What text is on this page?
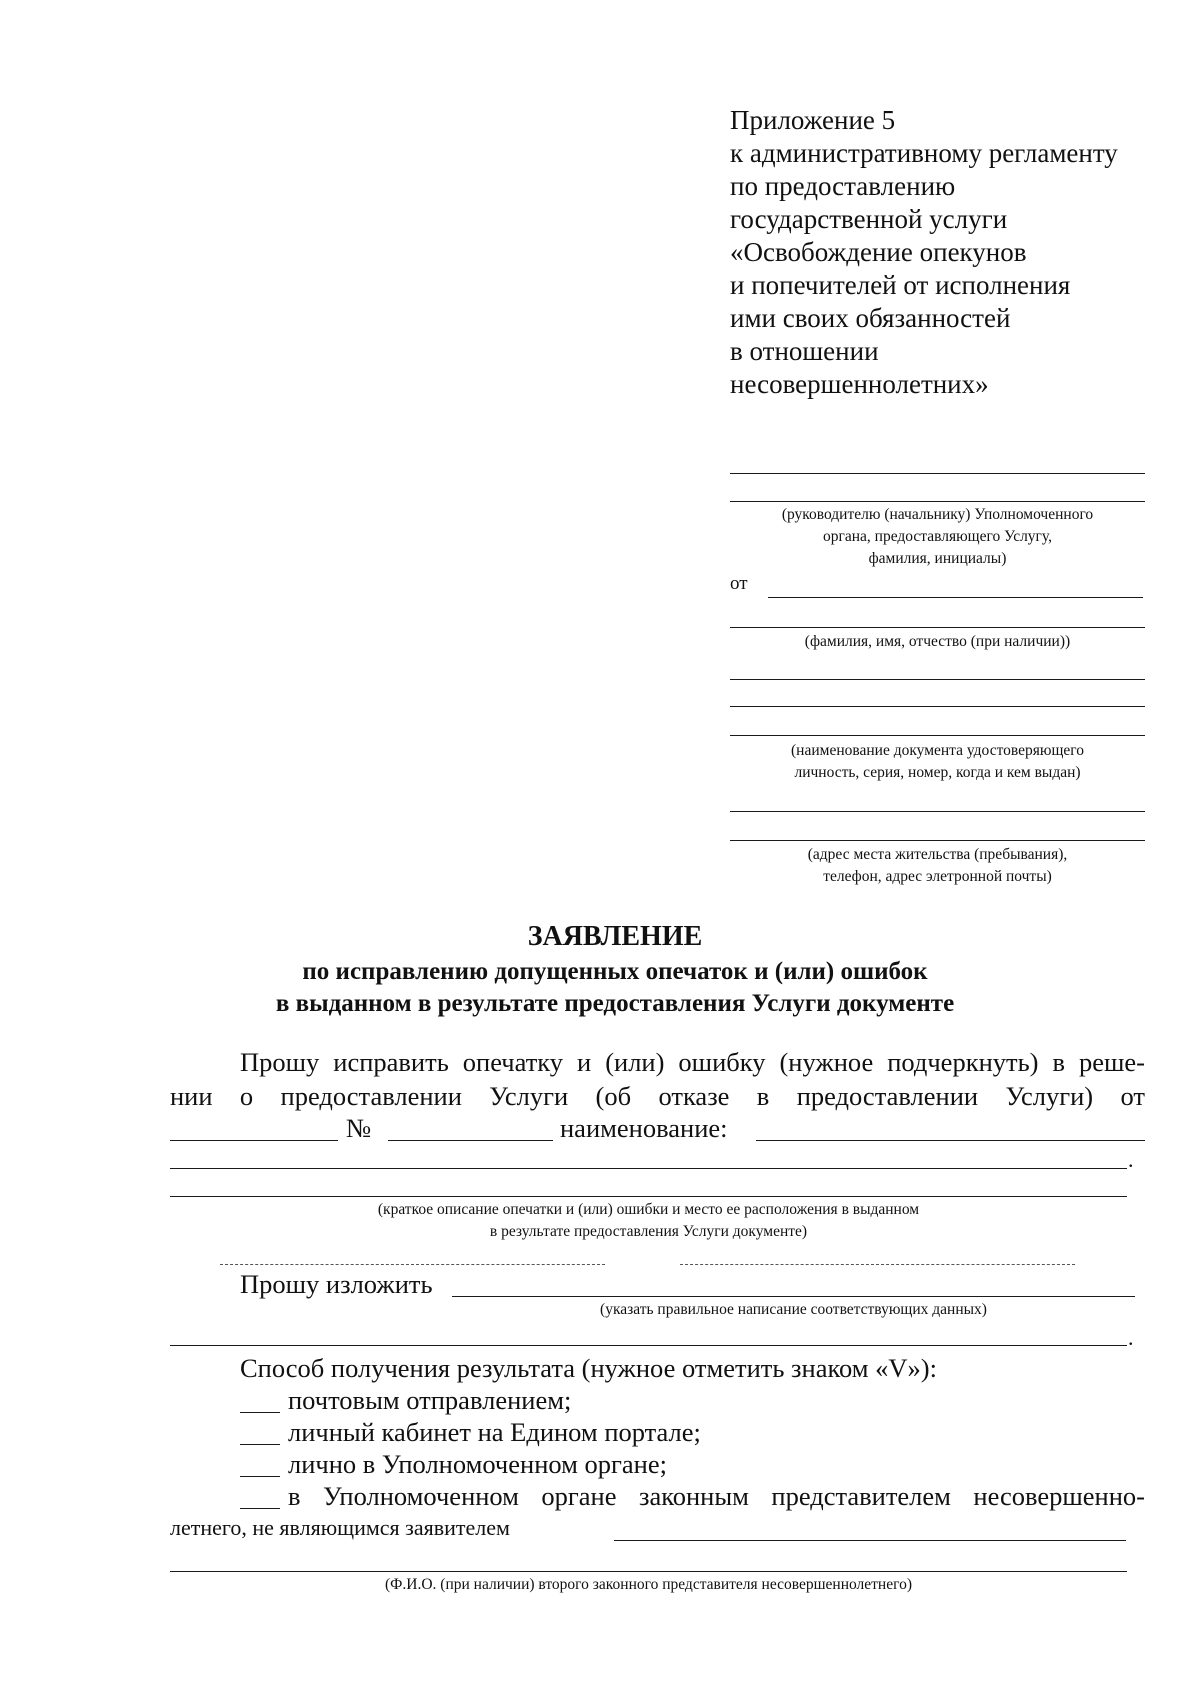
Приложение 5
к административному регламенту
по предоставлению
государственной услуги
«Освобождение опекунов
и попечителей от исполнения
ими своих обязанностей
в отношении
несовершеннолетних»
(руководителю (начальнику) Уполномоченного
органа, предоставляющего Услугу,
фамилия, инициалы)
от
(фамилия, имя, отчество (при наличии))
(наименование документа удостоверяющего
личность, серия, номер, когда и кем выдан)
(адрес места жительства (пребывания),
телефон, адрес элетронной почты)
ЗАЯВЛЕНИЕ
по исправлению допущенных опечаток и (или) ошибок
в выданном в результате предоставления Услуги документе
Прошу исправить опечатку и (или) ошибку (нужное подчеркнуть) в реше-
нии о предоставлении Услуги (об отказе в предоставлении Услуги) от
№	наименование:
.
(краткое описание опечатки и (или) ошибки и место ее расположения в выданном
в результате предоставления Услуги документе)
Прошу изложить
(указать правильное написание соответствующих данных)
.
Способ получения результата (нужное отметить знаком «V»):
почтовым отправлением;
личный кабинет на Едином портале;
лично в Уполномоченном органе;
в Уполномоченном органе законным представителем несовершенно-
летнего, не являющимся заявителем
(Ф.И.О. (при наличии) второго законного представителя несовершеннолетнего)
